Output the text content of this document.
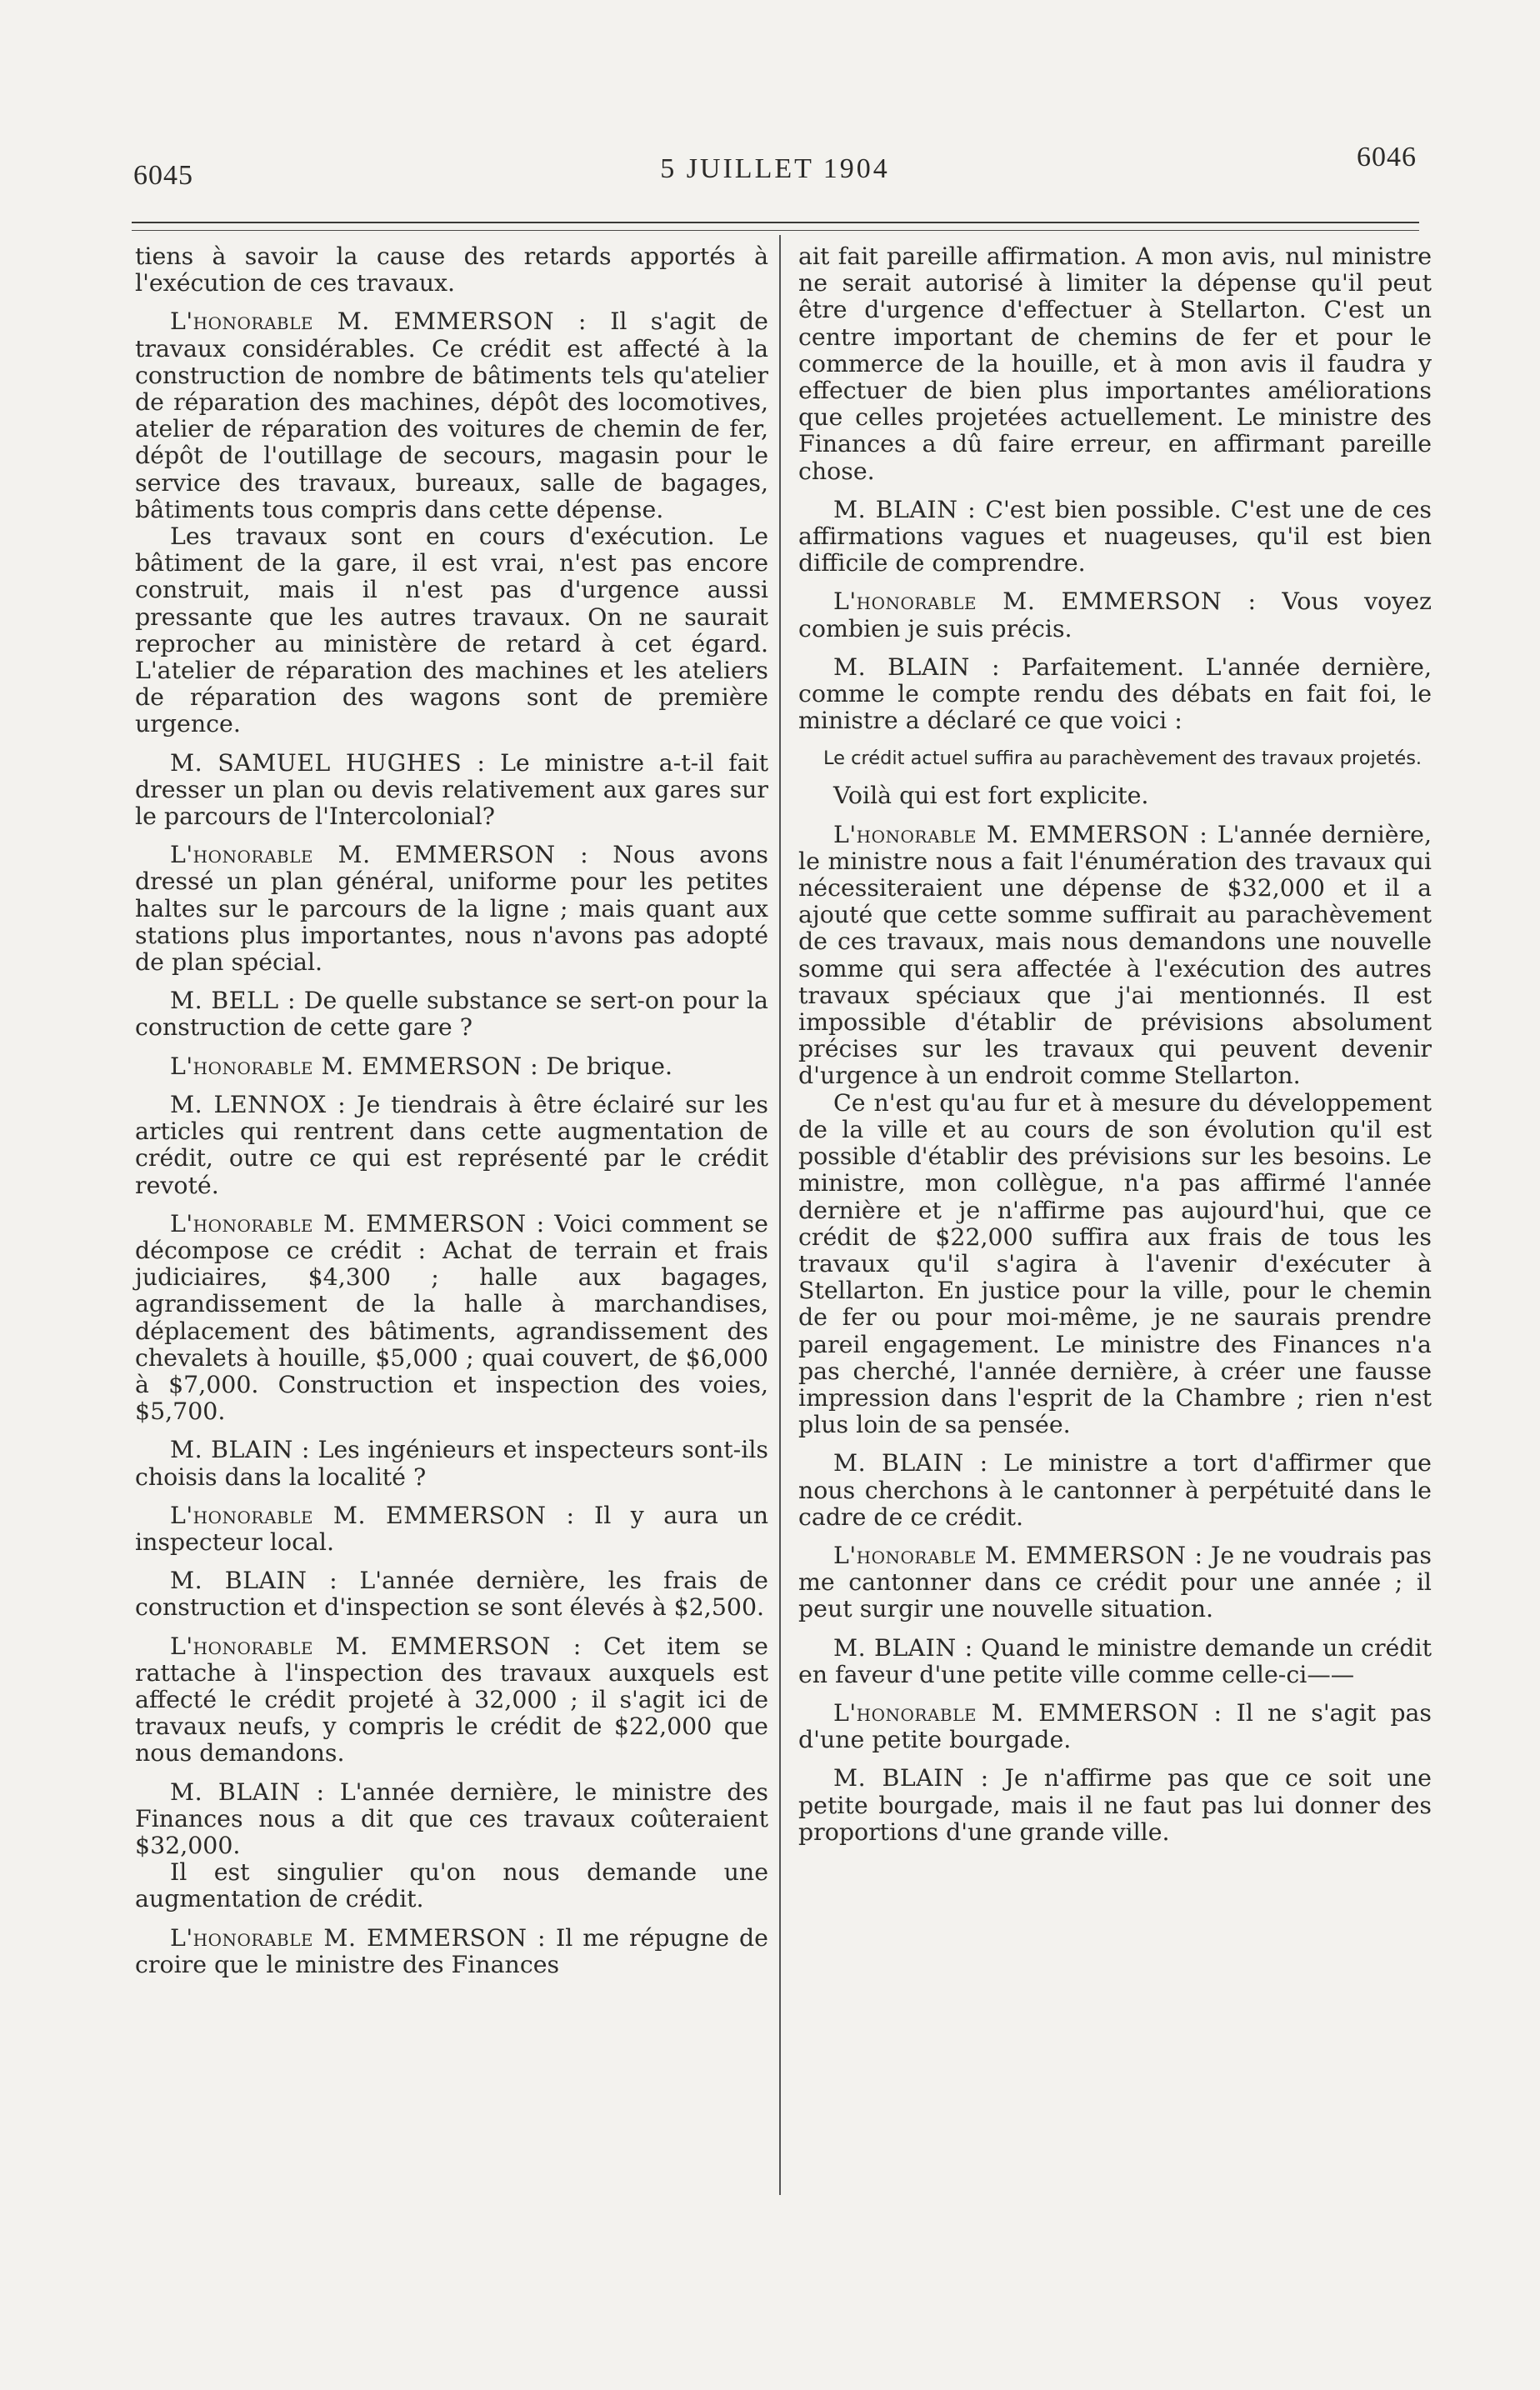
6045	5 JUILLET 1904	6046

tiens à savoir la cause des retards apportés à l'exécution de ces travaux.

L'honorable M. EMMERSON : Il s'agit de travaux considérables. Ce crédit est affecté à la construction de nombre de bâtiments tels qu'atelier de réparation des machines, dépôt des locomotives, atelier de réparation des voitures de chemin de fer, dépôt de l'outillage de secours, magasin pour le service des travaux, bureaux, salle de bagages, bâtiments tous compris dans cette dépense.

Les travaux sont en cours d'exécution. Le bâtiment de la gare, il est vrai, n'est pas encore construit, mais il n'est pas d'urgence aussi pressante que les autres travaux. On ne saurait reprocher au ministère de retard à cet égard. L'atelier de réparation des machines et les ateliers de réparation des wagons sont de première urgence.

M. SAMUEL HUGHES : Le ministre a-t-il fait dresser un plan ou devis relativement aux gares sur le parcours de l'Intercolonial?

L'honorable M. EMMERSON : Nous avons dressé un plan général, uniforme pour les petites haltes sur le parcours de la ligne ; mais quant aux stations plus importantes, nous n'avons pas adopté de plan spécial.

M. BELL : De quelle substance se sert-on pour la construction de cette gare ?

L'honorable M. EMMERSON : De brique.

M. LENNOX : Je tiendrais à être éclairé sur les articles qui rentrent dans cette augmentation de crédit, outre ce qui est représenté par le crédit revoté.

L'honorable M. EMMERSON : Voici comment se décompose ce crédit : Achat de terrain et frais judiciaires, $4,300 ; halle aux bagages, agrandissement de la halle à marchandises, déplacement des bâtiments, agrandissement des chevalets à houille, $5,000 ; quai couvert, de $6,000 à $7,000. Construction et inspection des voies, $5,700.

M. BLAIN : Les ingénieurs et inspecteurs sont-ils choisis dans la localité ?

L'honorable M. EMMERSON : Il y aura un inspecteur local.

M. BLAIN : L'année dernière, les frais de construction et d'inspection se sont élevés à $2,500.

L'honorable M. EMMERSON : Cet item se rattache à l'inspection des travaux auxquels est affecté le crédit projeté à 32,000 ; il s'agit ici de travaux neufs, y compris le crédit de $22,000 que nous demandons.

M. BLAIN : L'année dernière, le ministre des Finances nous a dit que ces travaux coûteraient $32,000.

Il est singulier qu'on nous demande une augmentation de crédit.

L'honorable M. EMMERSON : Il me répugne de croire que le ministre des Finances

ait fait pareille affirmation. A mon avis, nul ministre ne serait autorisé à limiter la dépense qu'il peut être d'urgence d'effectuer à Stellarton. C'est un centre important de chemins de fer et pour le commerce de la houille, et à mon avis il faudra y effectuer de bien plus importantes améliorations que celles projetées actuellement. Le ministre des Finances a dû faire erreur, en affirmant pareille chose.

M. BLAIN : C'est bien possible. C'est une de ces affirmations vagues et nuageuses, qu'il est bien difficile de comprendre.

L'honorable M. EMMERSON : Vous voyez combien je suis précis.

M. BLAIN : Parfaitement. L'année dernière, comme le compte rendu des débats en fait foi, le ministre a déclaré ce que voici :

Le crédit actuel suffira au parachèvement des travaux projetés.

Voilà qui est fort explicite.

L'honorable M. EMMERSON : L'année dernière, le ministre nous a fait l'énumération des travaux qui nécessiteraient une dépense de $32,000 et il a ajouté que cette somme suffirait au parachèvement de ces travaux, mais nous demandons une nouvelle somme qui sera affectée à l'exécution des autres travaux spéciaux que j'ai mentionnés. Il est impossible d'établir de prévisions absolument précises sur les travaux qui peuvent devenir d'urgence à un endroit comme Stellarton.

Ce n'est qu'au fur et à mesure du développement de la ville et au cours de son évolution qu'il est possible d'établir des prévisions sur les besoins. Le ministre, mon collègue, n'a pas affirmé l'année dernière et je n'affirme pas aujourd'hui, que ce crédit de $22,000 suffira aux frais de tous les travaux qu'il s'agira à l'avenir d'exécuter à Stellarton. En justice pour la ville, pour le chemin de fer ou pour moi-même, je ne saurais prendre pareil engagement. Le ministre des Finances n'a pas cherché, l'année dernière, à créer une fausse impression dans l'esprit de la Chambre ; rien n'est plus loin de sa pensée.

M. BLAIN : Le ministre a tort d'affirmer que nous cherchons à le cantonner à perpétuité dans le cadre de ce crédit.

L'honorable M. EMMERSON : Je ne voudrais pas me cantonner dans ce crédit pour une année ; il peut surgir une nouvelle situation.

M. BLAIN : Quand le ministre demande un crédit en faveur d'une petite ville comme celle-ci——

L'honorable M. EMMERSON : Il ne s'agit pas d'une petite bourgade.

M. BLAIN : Je n'affirme pas que ce soit une petite bourgade, mais il ne faut pas lui donner des proportions d'une grande ville.
